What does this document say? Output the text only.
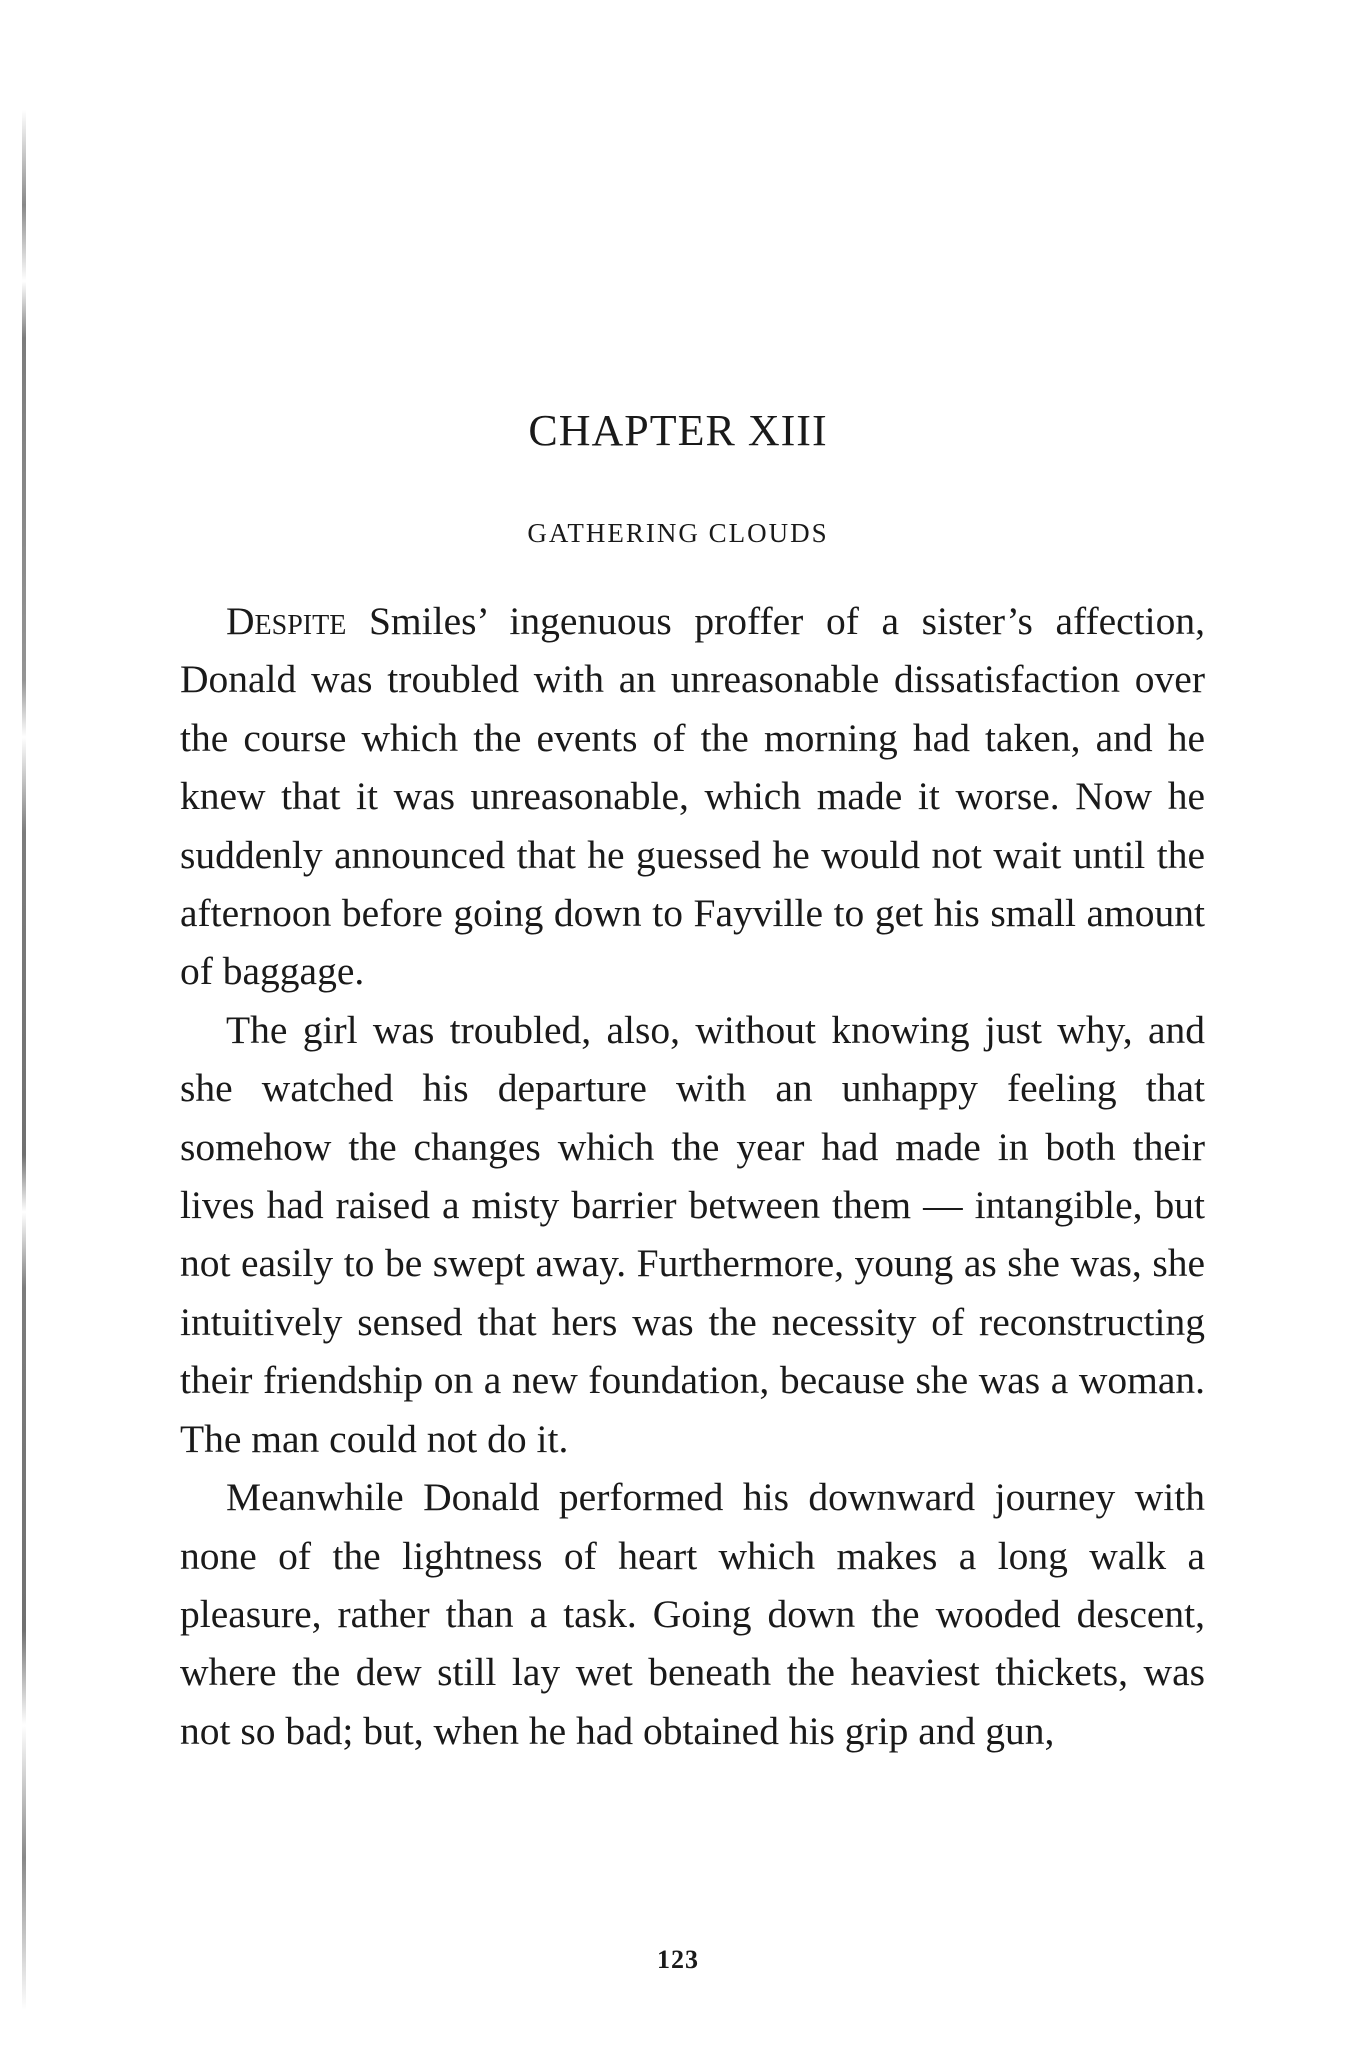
CHAPTER XIII
GATHERING CLOUDS

Despite Smiles’ ingenuous proffer of a sister’s affection, Donald was troubled with an unreasonable dissatisfaction over the course which the events of the morning had taken, and he knew that it was unreasonable, which made it worse. Now he suddenly announced that he guessed he would not wait until the afternoon before going down to Fayville to get his small amount of baggage.

The girl was troubled, also, without knowing just why, and she watched his departure with an unhappy feeling that somehow the changes which the year had made in both their lives had raised a misty barrier between them — intangible, but not easily to be swept away. Furthermore, young as she was, she intuitively sensed that hers was the necessity of reconstructing their friendship on a new foundation, because she was a woman. The man could not do it.

Meanwhile Donald performed his downward journey with none of the lightness of heart which makes a long walk a pleasure, rather than a task. Going down the wooded descent, where the dew still lay wet beneath the heaviest thickets, was not so bad; but, when he had obtained his grip and gun,

123
